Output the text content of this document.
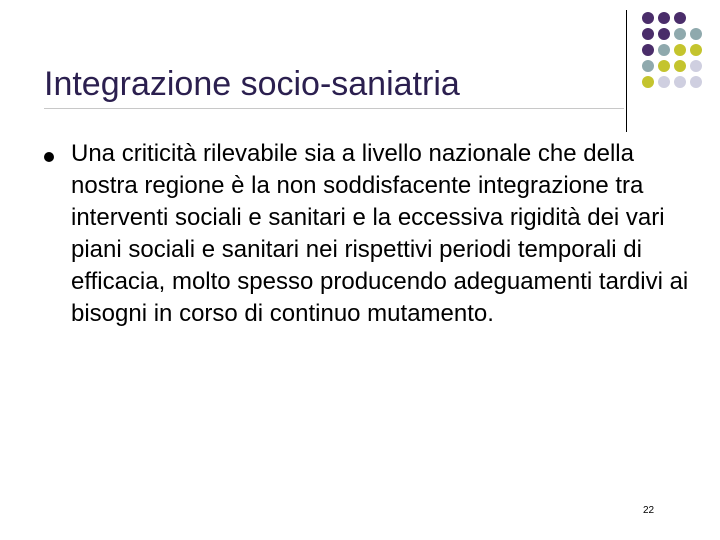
Integrazione socio-saniatria
Una criticità rilevabile sia a livello nazionale che della nostra regione è la non soddisfacente integrazione tra interventi sociali e sanitari e la eccessiva rigidità dei vari piani sociali e sanitari nei rispettivi periodi temporali di efficacia, molto spesso producendo adeguamenti tardivi ai bisogni in corso di continuo mutamento.
22
